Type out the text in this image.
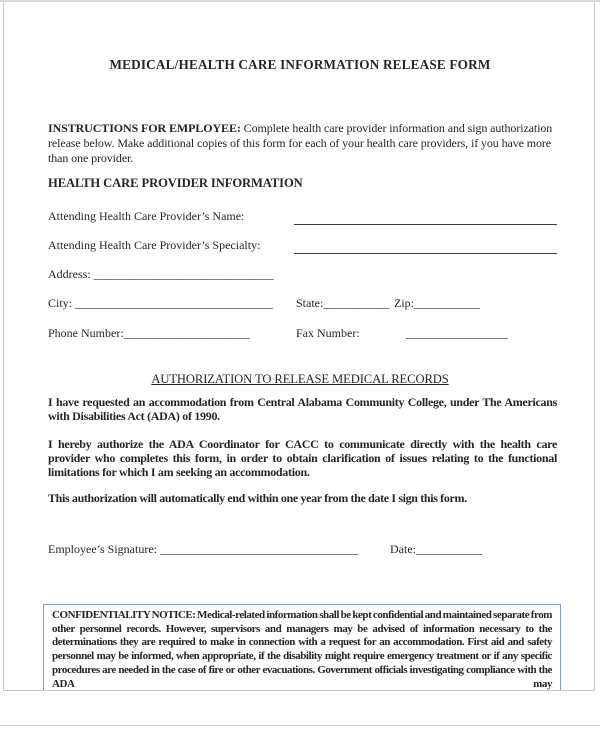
MEDICAL/HEALTH CARE INFORMATION RELEASE FORM

INSTRUCTIONS FOR EMPLOYEE: Complete health care provider information and sign authorization release below. Make additional copies of this form for each of your health care providers, if you have more than one provider.

HEALTH CARE PROVIDER INFORMATION
Attending Health Care Provider’s Name:
Attending Health Care Provider’s Specialty:
Address: ______________________________
City: _________________________________ State:___________ Zip:___________
Phone Number:_____________________	Fax Number:	_________________
AUTHORIZATION TO RELEASE MEDICAL RECORDS

I have requested an accommodation from Central Alabama Community College, under The Americans with Disabilities Act (ADA) of 1990.

I hereby authorize the ADA Coordinator for CACC to communicate directly with the health care provider who completes this form, in order to obtain clarification of issues relating to the functional limitations for which I am seeking an accommodation.

This authorization will automatically end within one year from the date I sign this form.

Employee’s Signature: _________________________________	Date:___________

CONFIDENTIALITY NOTICE: Medical-related information shall be kept confidential and maintained separate from other personnel records. However, supervisors and managers may be advised of information necessary to the determinations they are required to make in connection with a request for an accommodation. First aid and safety personnel may be informed, when appropriate, if the disability might require emergency treatment or if any specific procedures are needed in the case of fire or other evacuations. Government officials investigating compliance with the ADA may
